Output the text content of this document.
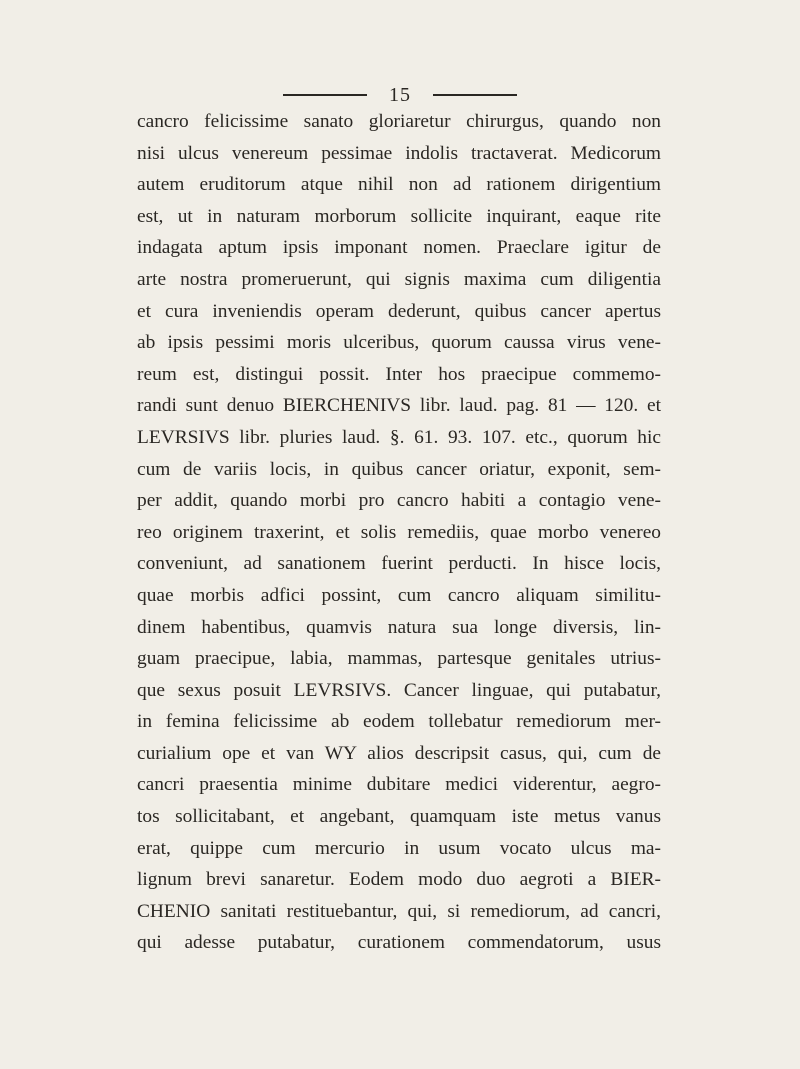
15
cancro felicissime sanato gloriaretur chirurgus, quando non
nisi ulcus venereum pessimae indolis tractaverat. Medicorum
autem eruditorum atque nihil non ad rationem dirigentium
est, ut in naturam morborum sollicite inquirant, eaque rite
indagata aptum ipsis imponant nomen. Praeclare igitur de
arte nostra promeruerunt, qui signis maxima cum diligentia
et cura inveniendis operam dederunt, quibus cancer apertus
ab ipsis pessimi moris ulceribus, quorum caussa virus vene-
reum est, distingui possit. Inter hos praecipue commemo-
randi sunt denuo BIERCHENIVS libr. laud. pag. 81 — 120. et
LEVRSIVS libr. pluries laud. §. 61. 93. 107. etc., quorum hic
cum de variis locis, in quibus cancer oriatur, exponit, sem-
per addit, quando morbi pro cancro habiti a contagio vene-
reo originem traxerint, et solis remediis, quae morbo venereo
conveniunt, ad sanationem fuerint perducti. In hisce locis,
quae morbis adfici possint, cum cancro aliquam similitu-
dinem habentibus, quamvis natura sua longe diversis, lin-
guam praecipue, labia, mammas, partesque genitales utrius-
que sexus posuit LEVRSIVS. Cancer linguae, qui putabatur,
in femina felicissime ab eodem tollebatur remediorum mer-
curialium ope et van WY alios descripsit casus, qui, cum de
cancri praesentia minime dubitare medici viderentur, aegro-
tos sollicitabant, et angebant, quamquam iste metus vanus
erat, quippe cum mercurio in usum vocato ulcus ma-
lignum brevi sanaretur. Eodem modo duo aegroti a BIER-
CHENIO sanitati restituebantur, qui, si remediorum, ad cancri,
qui adesse putabatur, curationem commendatorum, usus
